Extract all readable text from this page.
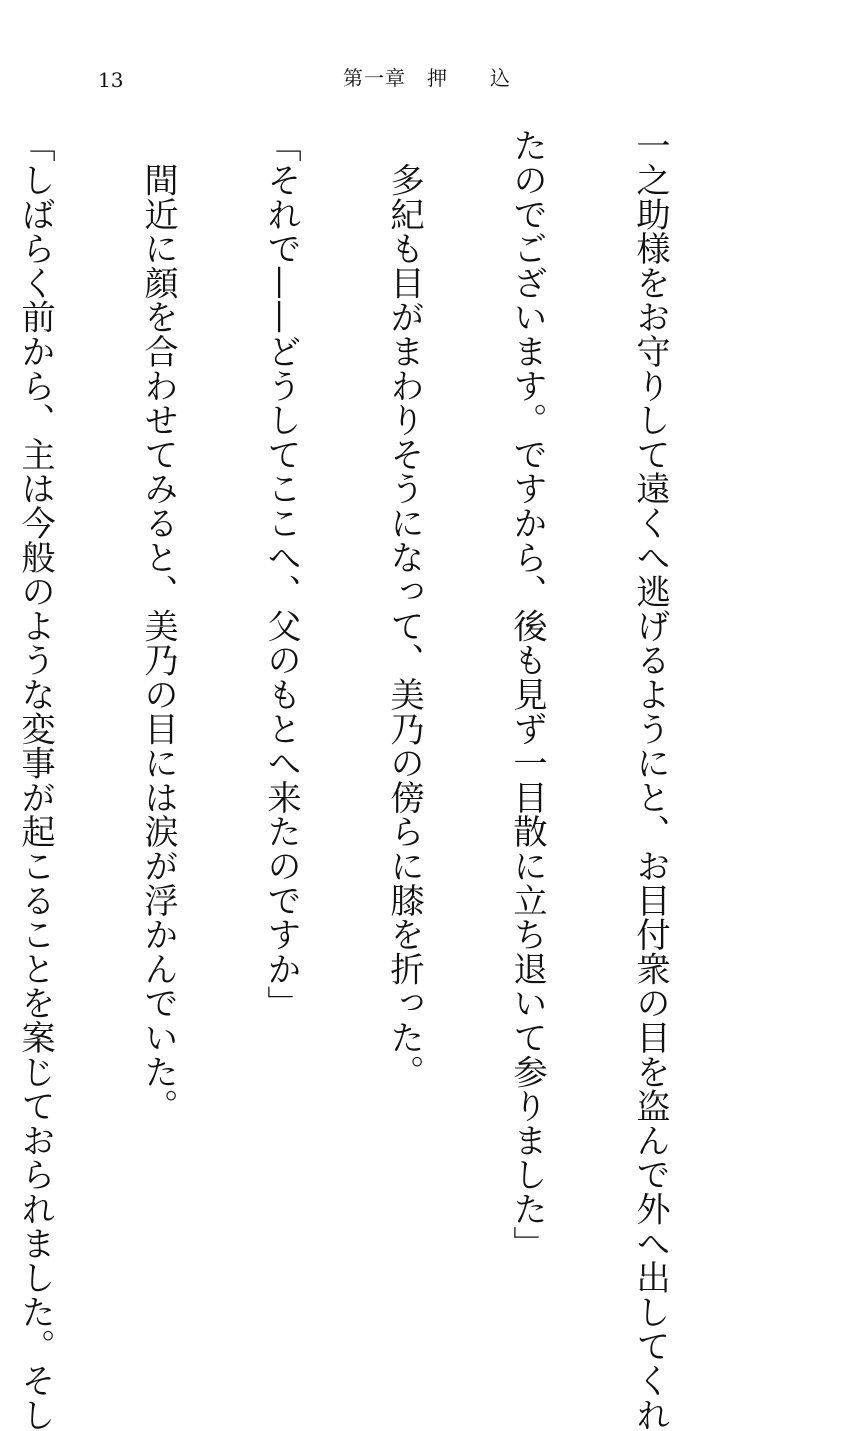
13	第一章　押　　込

一之助様をお守りして遠くへ逃げるようにと、お目付衆の目を盗んで外へ出してくれ

たのでございます。ですから、後も見ず一目散に立ち退いて参りました」

　多紀も目がまわりそうになって、美乃の傍らに膝を折った。

「それで——どうしてここへ、父のもとへ来たのですか」

　間近に顔を合わせてみると、美乃の目には涙が浮かんでいた。

「しばらく前から、主は今般のような変事が起こることを案じておられました。そし
